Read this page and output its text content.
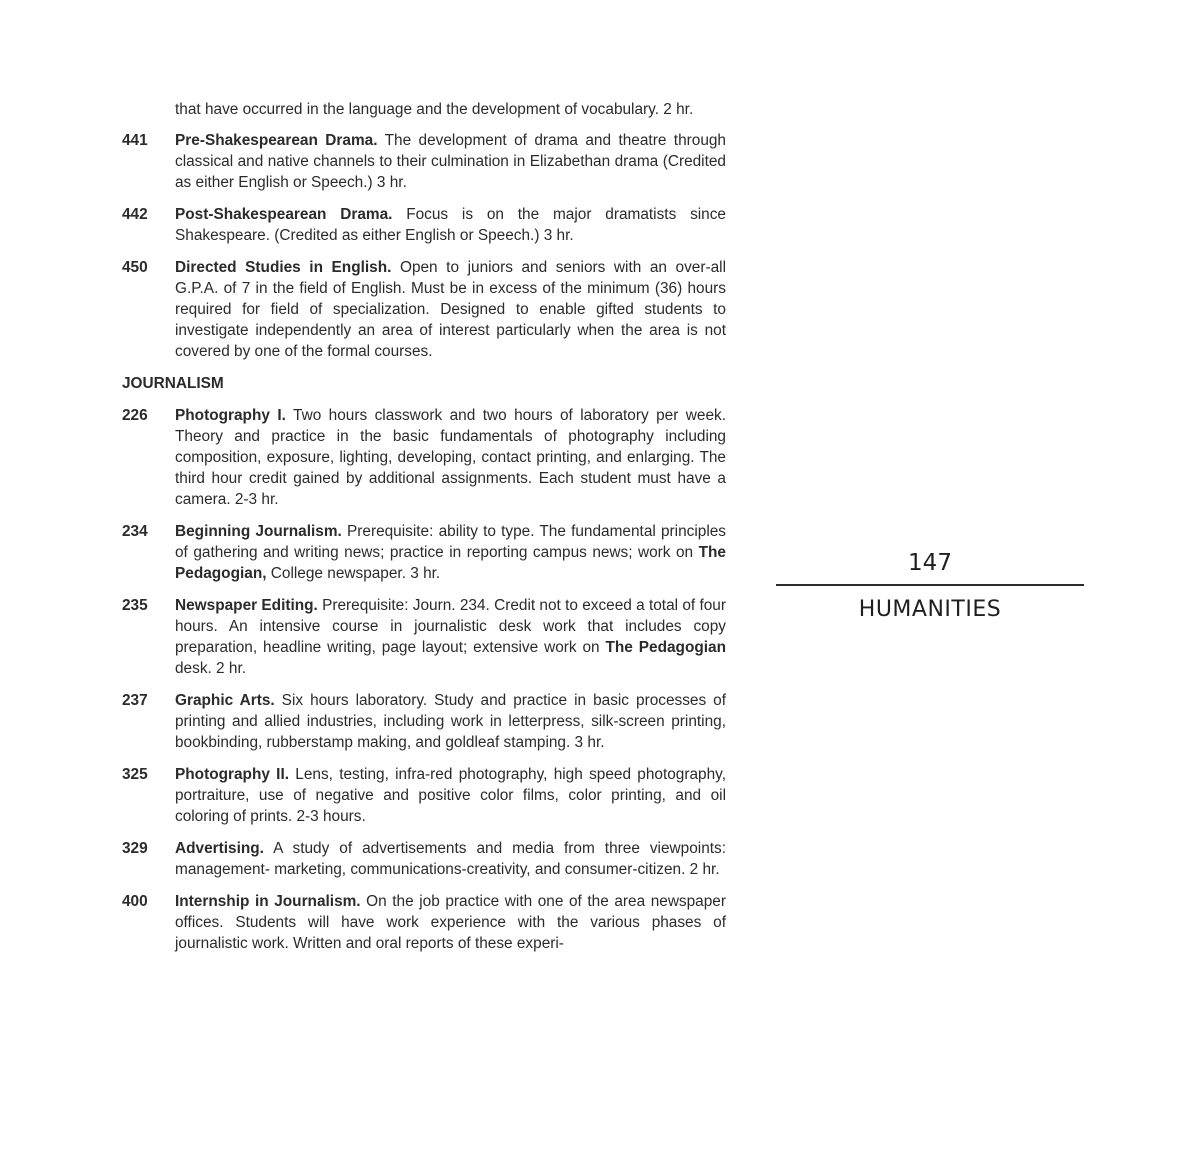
that have occurred in the language and the development of vocabulary. 2 hr.
441	Pre-Shakespearean Drama. The development of drama and theatre through classical and native channels to their culmination in Elizabethan drama (Credited as either English or Speech.) 3 hr.
442	Post-Shakespearean Drama. Focus is on the major dramatists since Shakespeare. (Credited as either English or Speech.) 3 hr.
450	Directed Studies in English. Open to juniors and seniors with an over-all G.P.A. of 7 in the field of English. Must be in excess of the minimum (36) hours required for field of specialization. Designed to enable gifted students to investigate independently an area of interest particularly when the area is not covered by one of the formal courses.
JOURNALISM
226	Photography I. Two hours classwork and two hours of laboratory per week. Theory and practice in the basic fundamentals of photography including composition, exposure, lighting, developing, contact printing, and enlarging. The third hour credit gained by additional assignments. Each student must have a camera. 2-3 hr.
234	Beginning Journalism. Prerequisite: ability to type. The fundamental principles of gathering and writing news; practice in reporting campus news; work on The Pedagogian, College newspaper. 3 hr.
235	Newspaper Editing. Prerequisite: Journ. 234. Credit not to exceed a total of four hours. An intensive course in journalistic desk work that includes copy preparation, headline writing, page layout; extensive work on The Pedagogian desk. 2 hr.
237	Graphic Arts. Six hours laboratory. Study and practice in basic processes of printing and allied industries, including work in letterpress, silk-screen printing, bookbinding, rubberstamp making, and goldleaf stamping. 3 hr.
325	Photography II. Lens, testing, infra-red photography, high speed photography, portraiture, use of negative and positive color films, color printing, and oil coloring of prints. 2-3 hours.
329	Advertising. A study of advertisements and media from three viewpoints: management- marketing, communications-creativity, and consumer-citizen. 2 hr.
400	Internship in Journalism. On the job practice with one of the area newspaper offices. Students will have work experience with the various phases of journalistic work. Written and oral reports of these experi-
147
HUMANITIES
